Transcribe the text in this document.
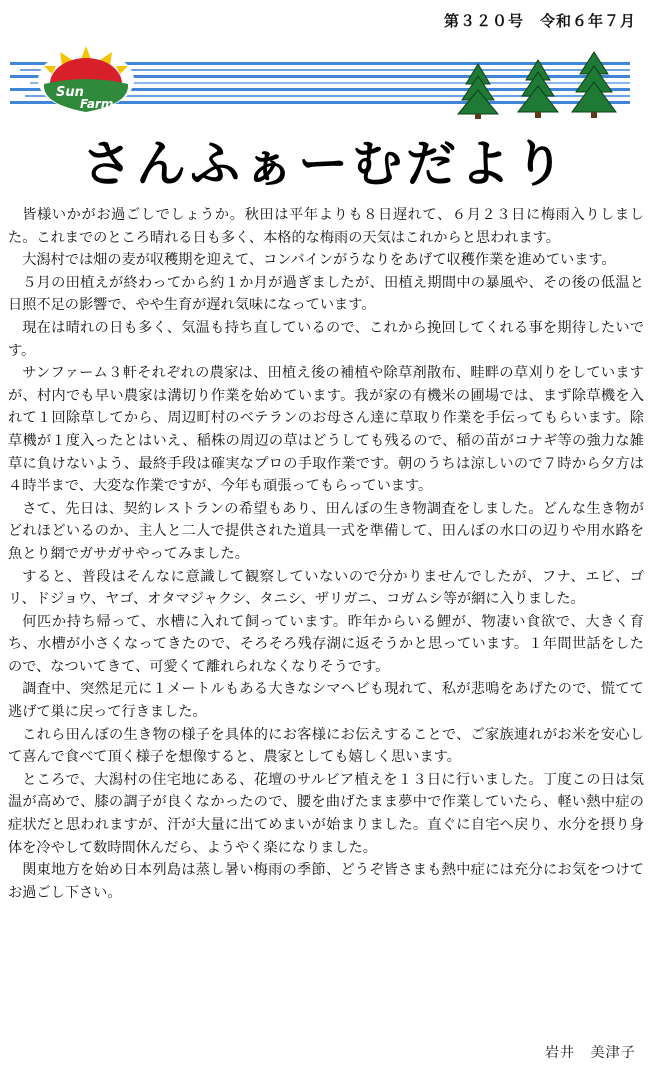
第３２０号　令和６年７月
Sun
Farm
さんふぁーむだより

皆様いかがお過ごしでしょうか。秋田は平年よりも８日遅れて、６月２３日に梅雨入りしました。これまでのところ晴れる日も多く、本格的な梅雨の天気はこれからと思われます。

大潟村では畑の麦が収穫期を迎えて、コンバインがうなりをあげて収穫作業を進めています。

５月の田植えが終わってから約１か月が過ぎましたが、田植え期間中の暴風や、その後の低温と日照不足の影響で、やや生育が遅れ気味になっています。

現在は晴れの日も多く、気温も持ち直しているので、これから挽回してくれる事を期待したいです。

サンファーム３軒それぞれの農家は、田植え後の補植や除草剤散布、畦畔の草刈りをしていますが、村内でも早い農家は溝切り作業を始めています。我が家の有機米の圃場では、まず除草機を入れて１回除草してから、周辺町村のベテランのお母さん達に草取り作業を手伝ってもらいます。除草機が１度入ったとはいえ、稲株の周辺の草はどうしても残るので、稲の苗がコナギ等の強力な雑草に負けないよう、最終手段は確実なプロの手取作業です。朝のうちは涼しいので７時から夕方は４時半まで、大変な作業ですが、今年も頑張ってもらっています。

さて、先日は、契約レストランの希望もあり、田んぼの生き物調査をしました。どんな生き物がどれほどいるのか、主人と二人で提供された道具一式を準備して、田んぼの水口の辺りや用水路を魚とり網でガサガサやってみました。

すると、普段はそんなに意識して観察していないので分かりませんでしたが、フナ、エビ、ゴリ、ドジョウ、ヤゴ、オタマジャクシ、タニシ、ザリガニ、コガムシ等が網に入りました。

何匹か持ち帰って、水槽に入れて飼っています。昨年からいる鯉が、物凄い食欲で、大きく育ち、水槽が小さくなってきたので、そろそろ残存湖に返そうかと思っています。１年間世話をしたので、なついてきて、可愛くて離れられなくなりそうです。

調査中、突然足元に１メートルもある大きなシマヘビも現れて、私が悲鳴をあげたので、慌てて逃げて巣に戻って行きました。

これら田んぼの生き物の様子を具体的にお客様にお伝えすることで、ご家族連れがお米を安心して喜んで食べて頂く様子を想像すると、農家としても嬉しく思います。

ところで、大潟村の住宅地にある、花壇のサルビア植えを１３日に行いました。丁度この日は気温が高めで、膝の調子が良くなかったので、腰を曲げたまま夢中で作業していたら、軽い熱中症の症状だと思われますが、汗が大量に出てめまいが始まりました。直ぐに自宅へ戻り、水分を摂り身体を冷やして数時間休んだら、ようやく楽になりました。

関東地方を始め日本列島は蒸し暑い梅雨の季節、どうぞ皆さまも熱中症には充分にお気をつけてお過ごし下さい。

岩井　美津子
